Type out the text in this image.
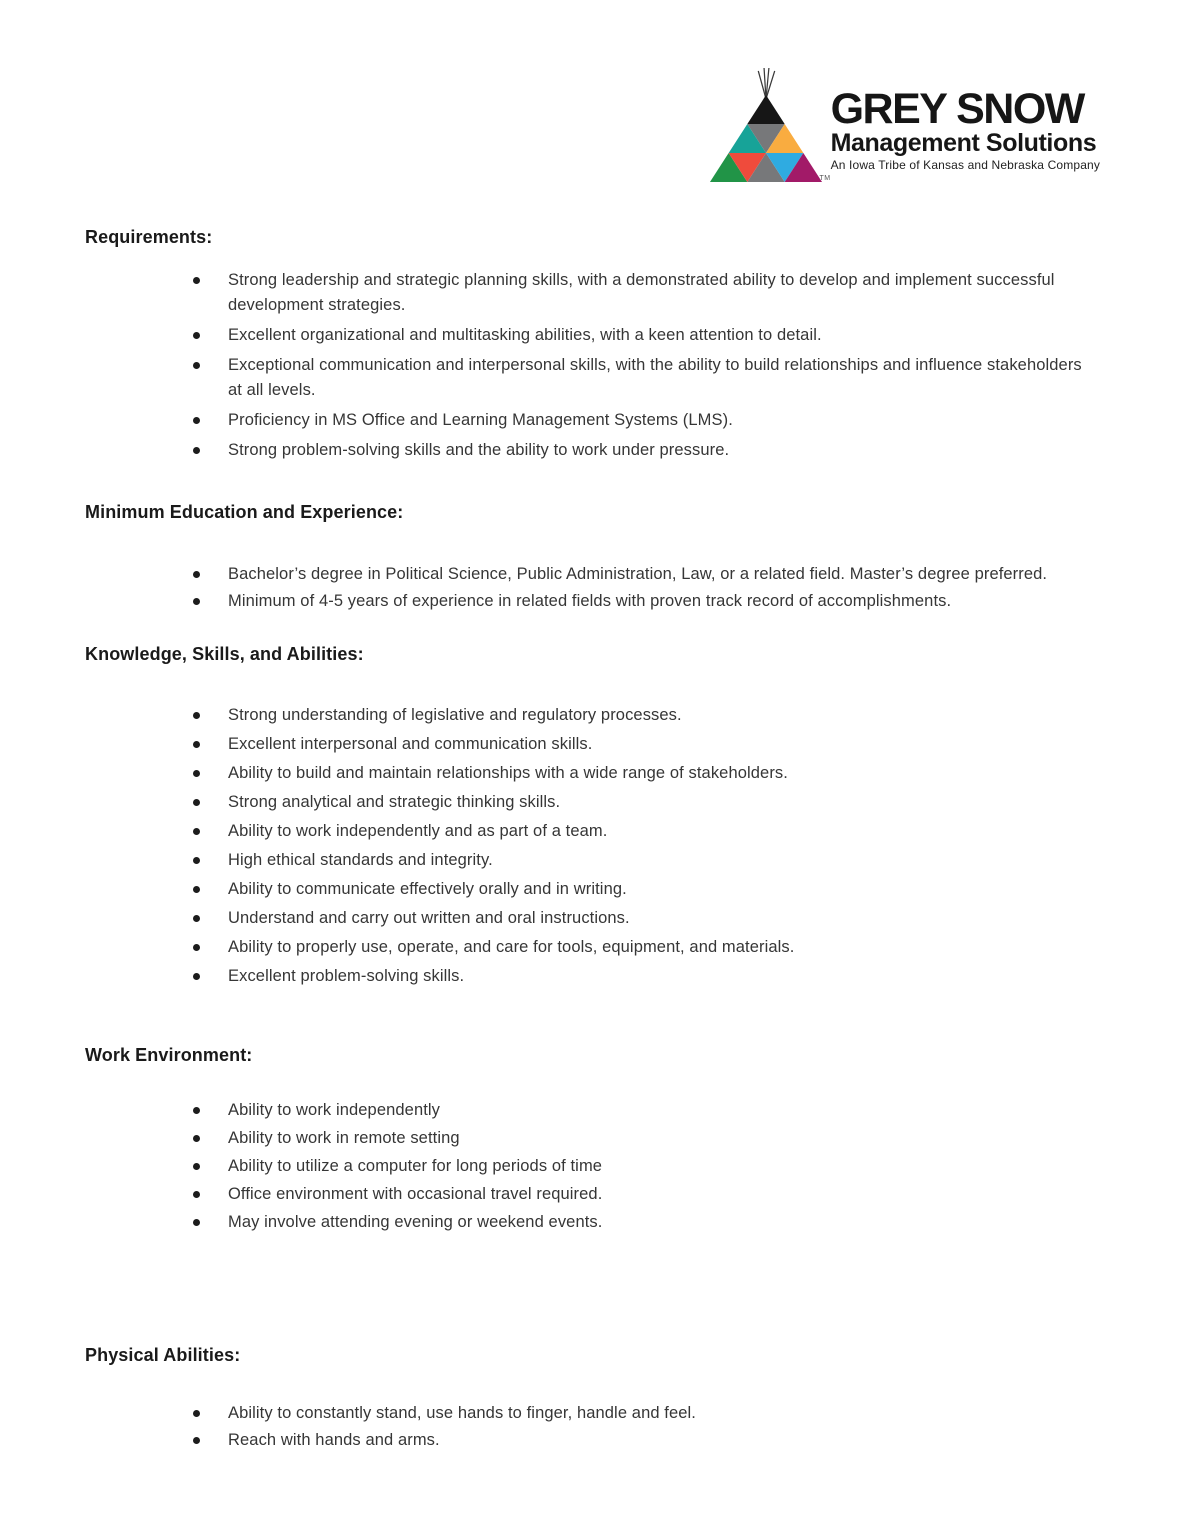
TM
GREY SNOW
Management Solutions
An Iowa Tribe of Kansas and Nebraska Company
Requirements:
Strong leadership and strategic planning skills, with a demonstrated ability to develop and implement successful development strategies.
Excellent organizational and multitasking abilities, with a keen attention to detail.
Exceptional communication and interpersonal skills, with the ability to build relationships and influence stakeholders at all levels.
Proficiency in MS Office and Learning Management Systems (LMS).
Strong problem-solving skills and the ability to work under pressure.
Minimum Education and Experience:
Bachelor’s degree in Political Science, Public Administration, Law, or a related field. Master’s degree preferred.
Minimum of 4-5 years of experience in related fields with proven track record of accomplishments.
Knowledge, Skills, and Abilities:
Strong understanding of legislative and regulatory processes.
Excellent interpersonal and communication skills.
Ability to build and maintain relationships with a wide range of stakeholders.
Strong analytical and strategic thinking skills.
Ability to work independently and as part of a team.
High ethical standards and integrity.
Ability to communicate effectively orally and in writing.
Understand and carry out written and oral instructions.
Ability to properly use, operate, and care for tools, equipment, and materials.
Excellent problem-solving skills.
Work Environment:
Ability to work independently
Ability to work in remote setting
Ability to utilize a computer for long periods of time
Office environment with occasional travel required.
May involve attending evening or weekend events.
Physical Abilities:
Ability to constantly stand, use hands to finger, handle and feel.
Reach with hands and arms.
